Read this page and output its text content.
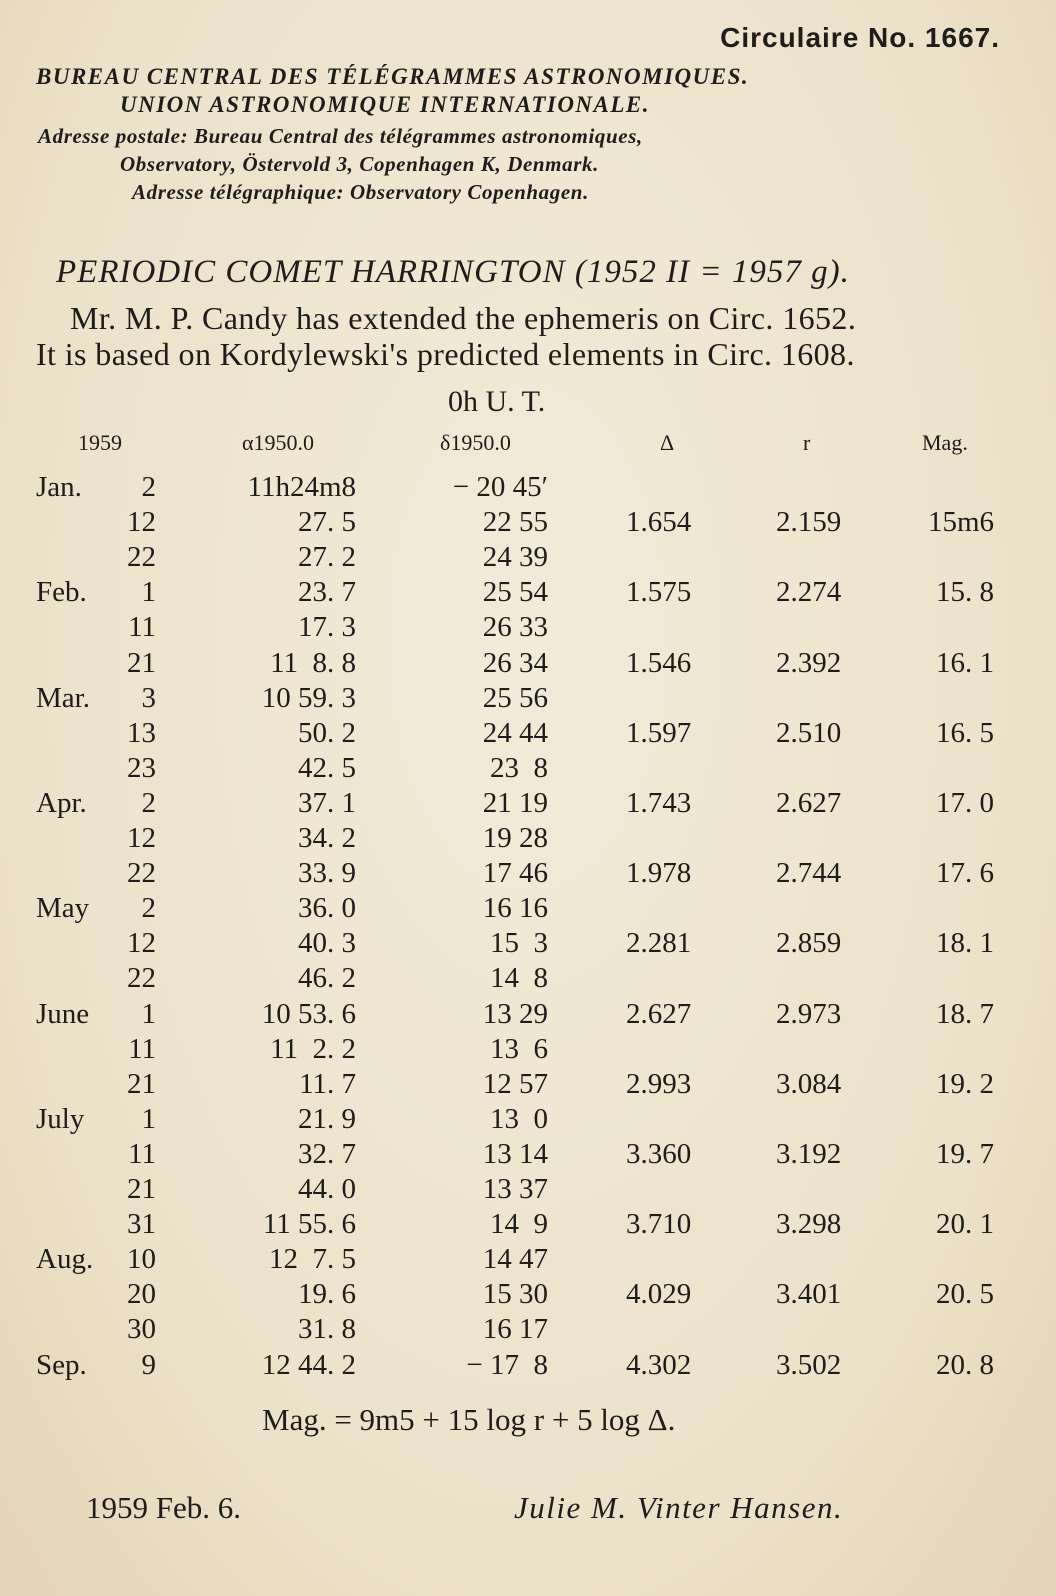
Circulaire No. 1667.
BUREAU CENTRAL DES TÉLÉGRAMMES ASTRONOMIQUES.
UNION ASTRONOMIQUE INTERNATIONALE.
Adresse postale: Bureau Central des télégrammes astronomiques,
Observatory, Östervold 3, Copenhagen K, Denmark.
Adresse télégraphique: Observatory Copenhagen.
PERIODIC COMET HARRINGTON (1952 II = 1957 g).
Mr. M. P. Candy has extended the ephemeris on Circ. 1652.
It is based on Kordylewski's predicted elements in Circ. 1608.
0h U. T.
1959	α1950.0	δ1950.0	Δ	r	Mag.
Jan.	2	11h24m8	− 20 45′
12	27. 5	22 55	1.654	2.159	15m6
22	27. 2	24 39
Feb.	1	23. 7	25 54	1.575	2.274	15. 8
11	17. 3	26 33
21	11  8. 8	26 34	1.546	2.392	16. 1
Mar.	3	10 59. 3	25 56
13	50. 2	24 44	1.597	2.510	16. 5
23	42. 5	23  8
Apr.	2	37. 1	21 19	1.743	2.627	17. 0
12	34. 2	19 28
22	33. 9	17 46	1.978	2.744	17. 6
May	2	36. 0	16 16
12	40. 3	15  3	2.281	2.859	18. 1
22	46. 2	14  8
June	1	10 53. 6	13 29	2.627	2.973	18. 7
11	11  2. 2	13  6
21	11. 7	12 57	2.993	3.084	19. 2
July	1	21. 9	13  0
11	32. 7	13 14	3.360	3.192	19. 7
21	44. 0	13 37
31	11 55. 6	14  9	3.710	3.298	20. 1
Aug.	10	12  7. 5	14 47
20	19. 6	15 30	4.029	3.401	20. 5
30	31. 8	16 17
Sep.	9	12 44. 2	− 17  8	4.302	3.502	20. 8
Mag. = 9m5 + 15 log r + 5 log Δ.
1959 Feb. 6.	Julie M. Vinter Hansen.
